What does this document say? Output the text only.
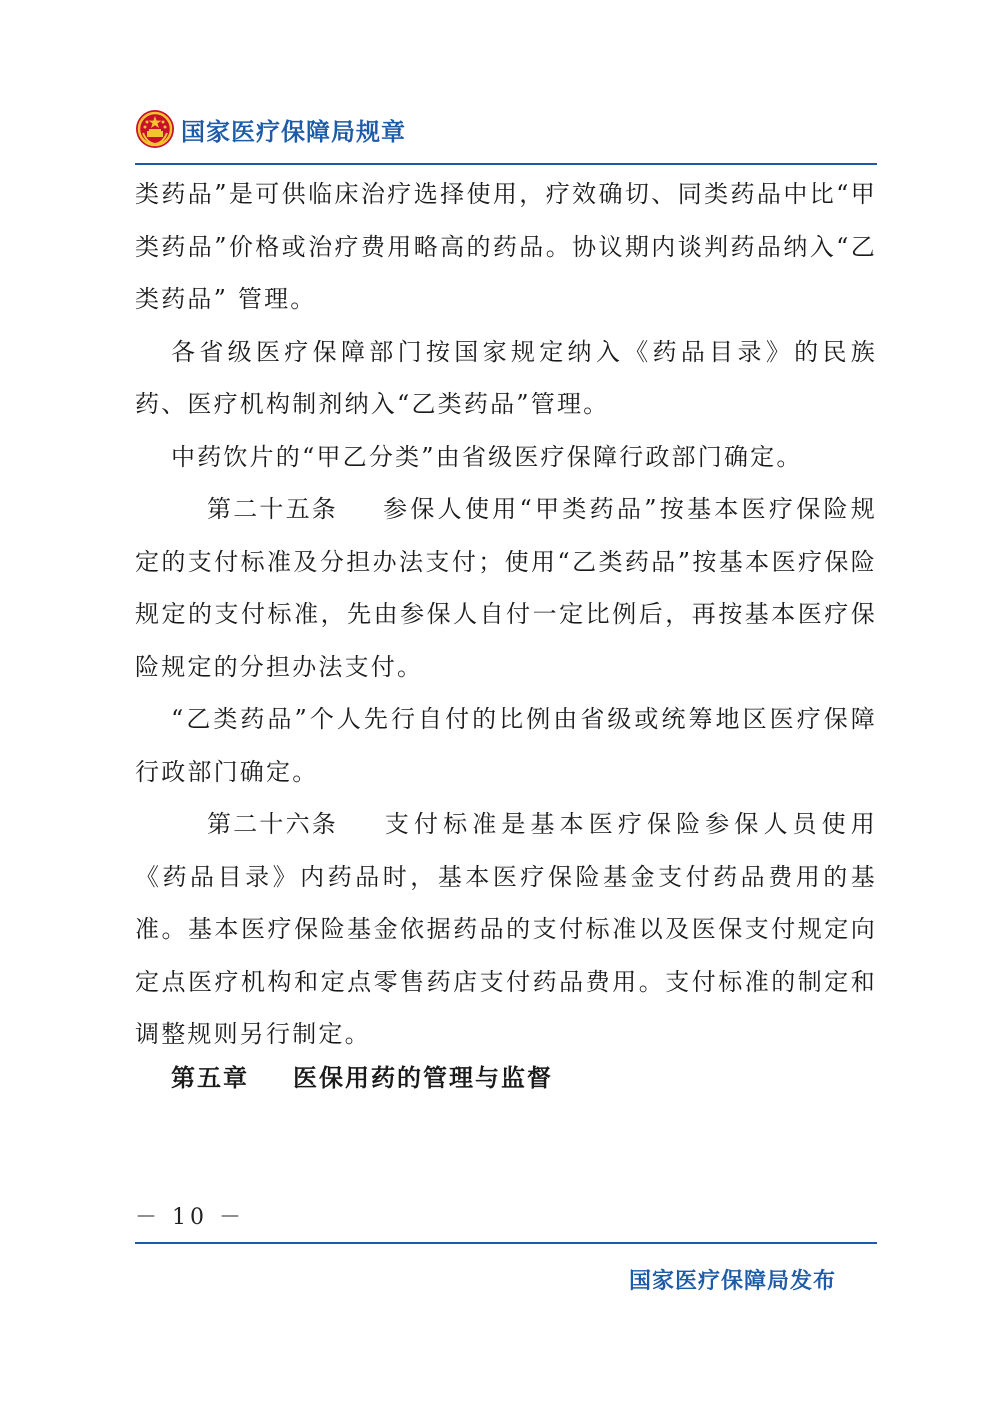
国家医疗保障局规章

类药品”是可供临床治疗选择使用，疗效确切、同类药品中比“甲类药品”价格或治疗费用略高的药品。协议期内谈判药品纳入“乙类药品” 管理。

各省级医疗保障部门按国家规定纳入《药品目录》的民族药、医疗机构制剂纳入“乙类药品”管理。

中药饮片的“甲乙分类”由省级医疗保障行政部门确定。

第二十五条 参保人使用“甲类药品”按基本医疗保险规定的支付标准及分担办法支付；使用“乙类药品”按基本医疗保险规定的支付标准，先由参保人自付一定比例后，再按基本医疗保险规定的分担办法支付。

“乙类药品”个人先行自付的比例由省级或统筹地区医疗保障行政部门确定。

第二十六条 支付标准是基本医疗保险参保人员使用《药品目录》内药品时，基本医疗保险基金支付药品费用的基准。基本医疗保险基金依据药品的支付标准以及医保支付规定向定点医疗机构和定点零售药店支付药品费用。支付标准的制定和调整规则另行制定。

第五章 医保用药的管理与监督
－ 10 －
国家医疗保障局发布
